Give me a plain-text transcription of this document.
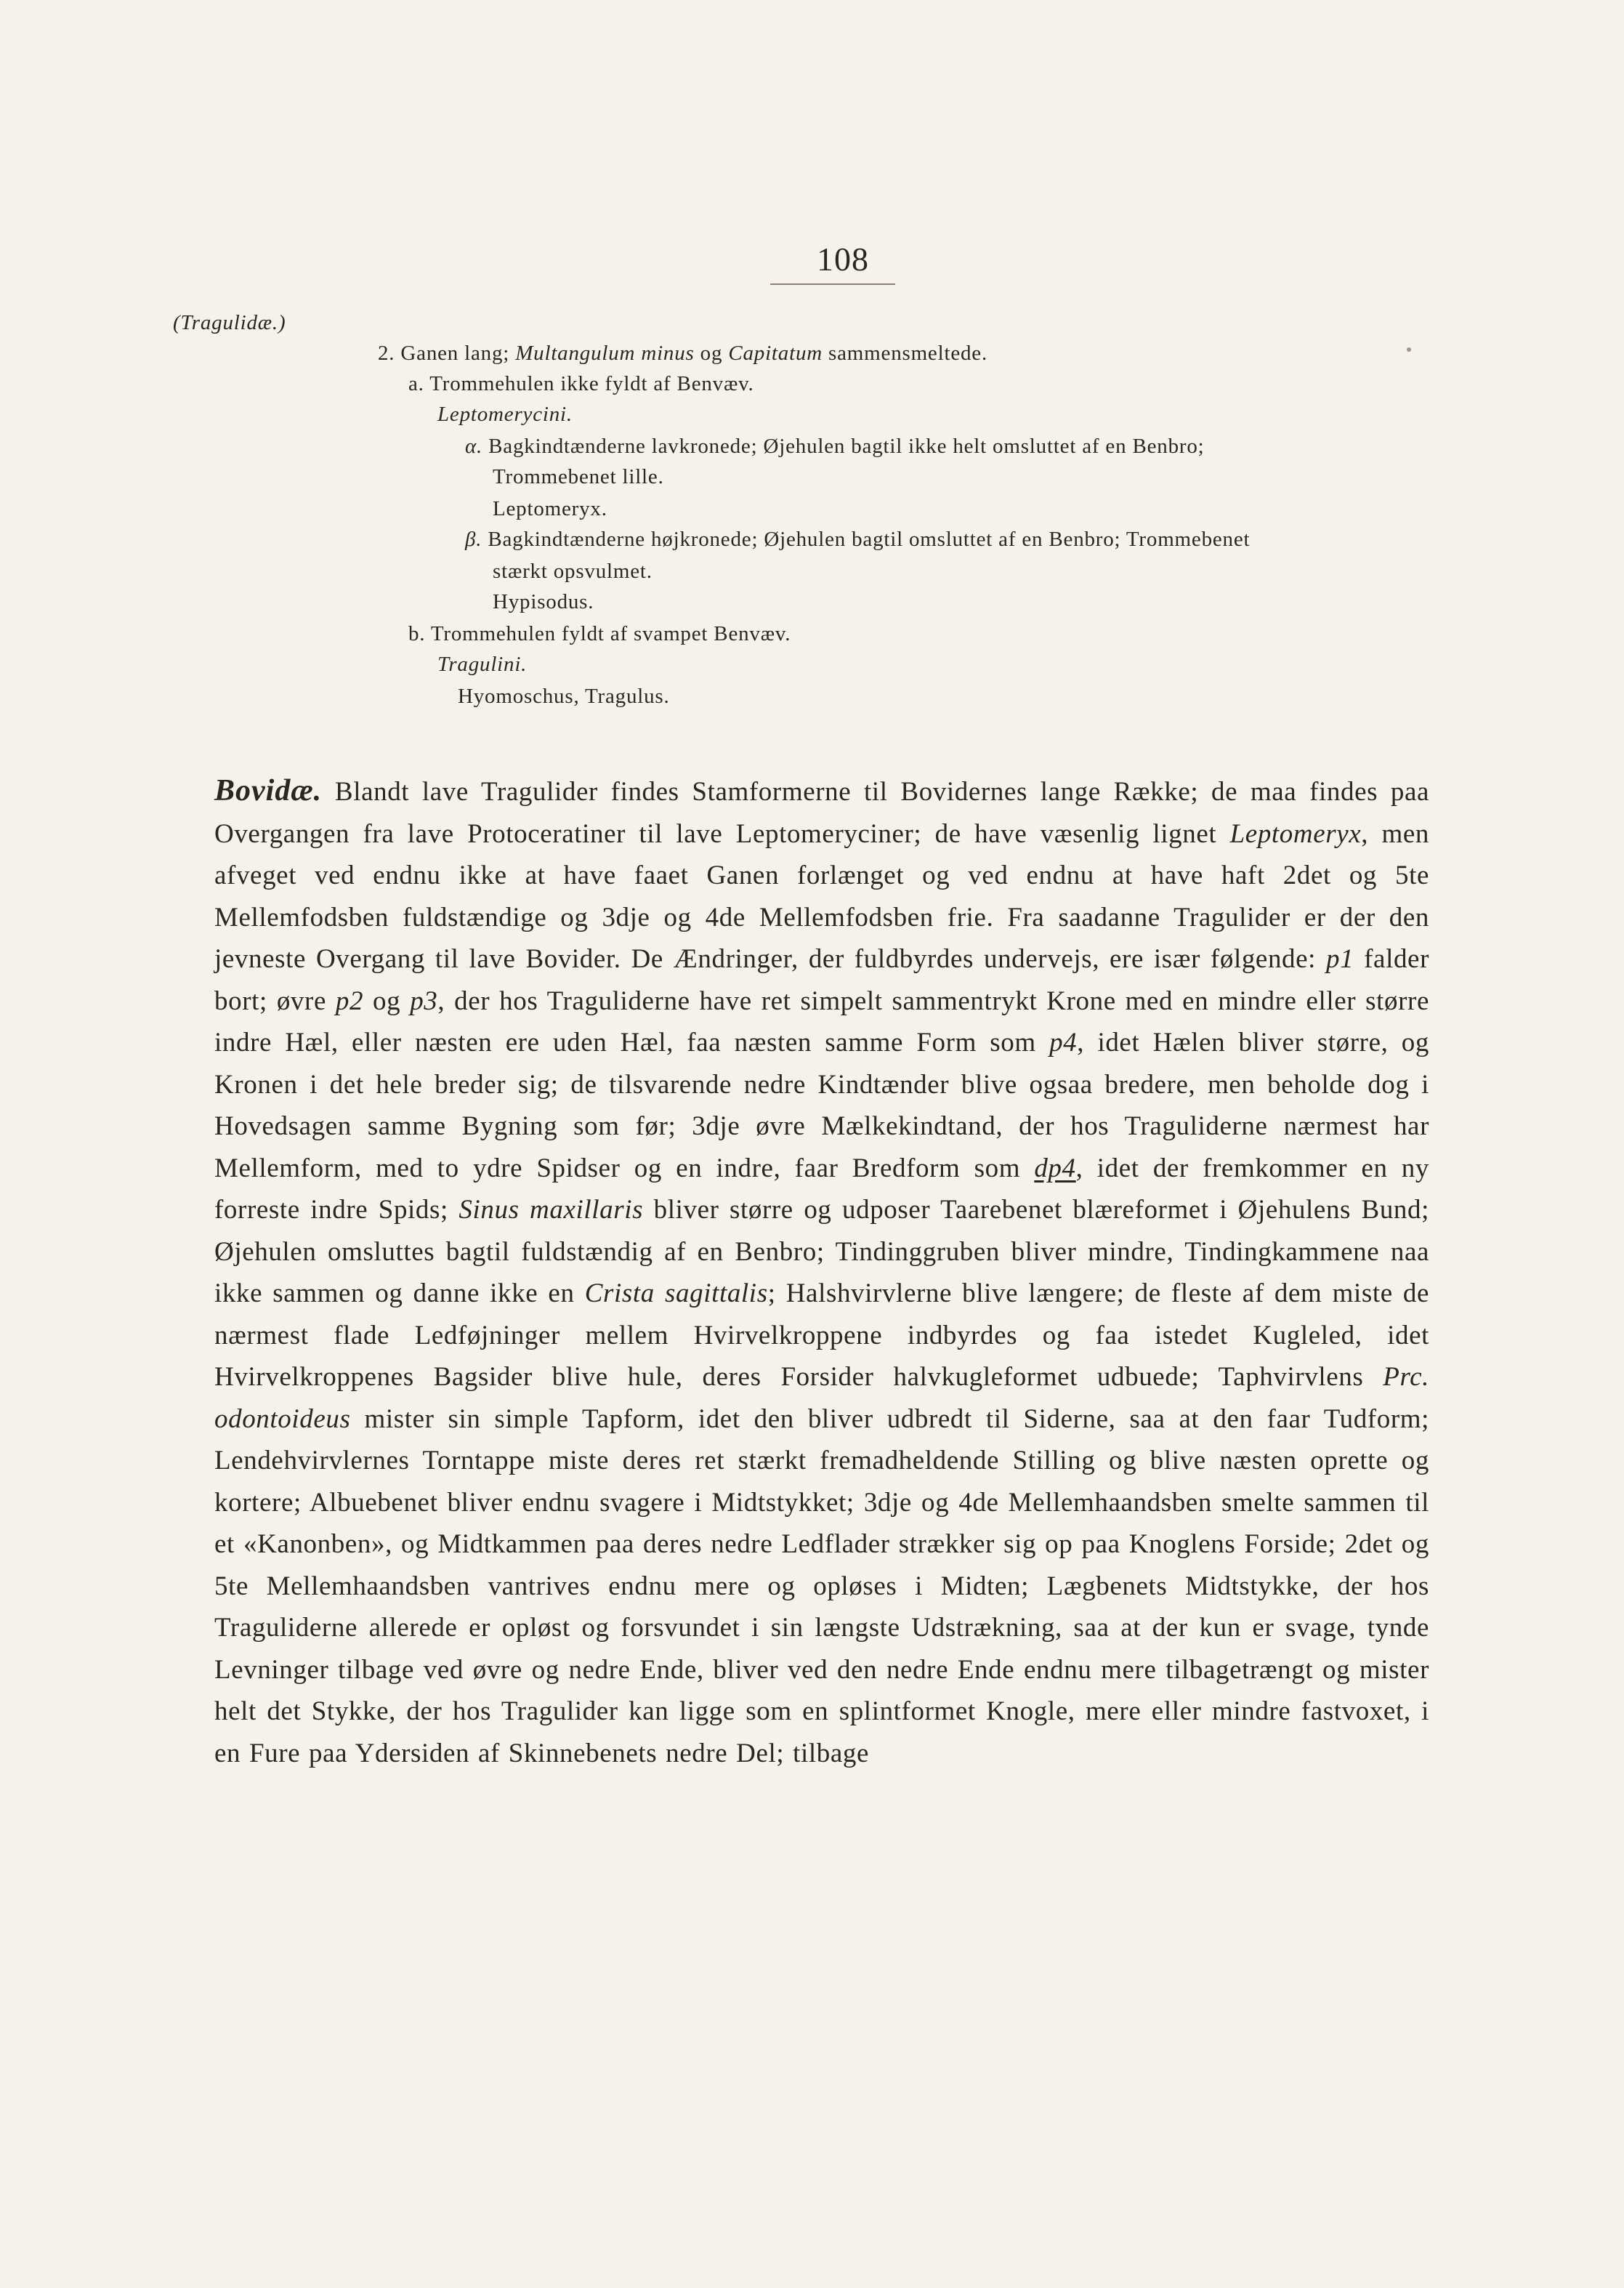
108
(Tragulidæ.)
2. Ganen lang; Multangulum minus og Capitatum sammensmeltede.
a. Trommehulen ikke fyldt af Benvæv.
Leptomerycini.
α. Bagkindtænderne lavkronede; Øjehulen bagtil ikke helt omsluttet af en Benbro;
Trommebenet lille.
Leptomeryx.
β. Bagkindtænderne højkronede; Øjehulen bagtil omsluttet af en Benbro; Trommebenet
stærkt opsvulmet.
Hypisodus.
b. Trommehulen fyldt af svampet Benvæv.
Tragulini.
Hyomoschus, Tragulus.
Bovidæ. Blandt lave Tragulider findes Stamformerne til Bovidernes lange Række; de maa findes paa Overgangen fra lave Protoceratiner til lave Leptomeryciner; de have væsenlig lignet Leptomeryx, men afveget ved endnu ikke at have faaet Ganen forlænget og ved endnu at have haft 2det og 5te Mellemfodsben fuldstændige og 3dje og 4de Mellemfodsben frie. Fra saadanne Tragulider er der den jevneste Overgang til lave Bovider. De Ændringer, der fuldbyrdes undervejs, ere især følgende: p1 falder bort; øvre p2 og p3, der hos Traguliderne have ret simpelt sammentrykt Krone med en mindre eller større indre Hæl, eller næsten ere uden Hæl, faa næsten samme Form som p4, idet Hælen bliver større, og Kronen i det hele breder sig; de tilsvarende nedre Kindtænder blive ogsaa bredere, men beholde dog i Hovedsagen samme Bygning som før; 3dje øvre Mælkekindtand, der hos Traguliderne nærmest har Mellemform, med to ydre Spidser og en indre, faar Bredform som dp4, idet der fremkommer en ny forreste indre Spids; Sinus maxillaris bliver større og udposer Taarebenet blæreformet i Øjehulens Bund; Øjehulen omsluttes bagtil fuldstændig af en Benbro; Tindinggruben bliver mindre, Tindingkammene naa ikke sammen og danne ikke en Crista sagittalis; Halshvirvlerne blive længere; de fleste af dem miste de nærmest flade Ledføjninger mellem Hvirvelkroppene indbyrdes og faa istedet Kugleled, idet Hvirvelkroppenes Bagsider blive hule, deres Forsider halvkugleformet udbuede; Taphvirvlens Prc. odontoideus mister sin simple Tapform, idet den bliver udbredt til Siderne, saa at den faar Tudform; Lendehvirvlernes Torntappe miste deres ret stærkt fremadheldende Stilling og blive næsten oprette og kortere; Albuebenet bliver endnu svagere i Midtstykket; 3dje og 4de Mellemhaandsben smelte sammen til et «Kanonben», og Midtkammen paa deres nedre Ledflader strækker sig op paa Knoglens Forside; 2det og 5te Mellemhaandsben vantrives endnu mere og opløses i Midten; Lægbenets Midtstykke, der hos Traguliderne allerede er opløst og forsvundet i sin længste Udstrækning, saa at der kun er svage, tynde Levninger tilbage ved øvre og nedre Ende, bliver ved den nedre Ende endnu mere tilbagetrængt og mister helt det Stykke, der hos Tragulider kan ligge som en splintformet Knogle, mere eller mindre fastvoxet, i en Fure paa Ydersiden af Skinnebenets nedre Del; tilbage
